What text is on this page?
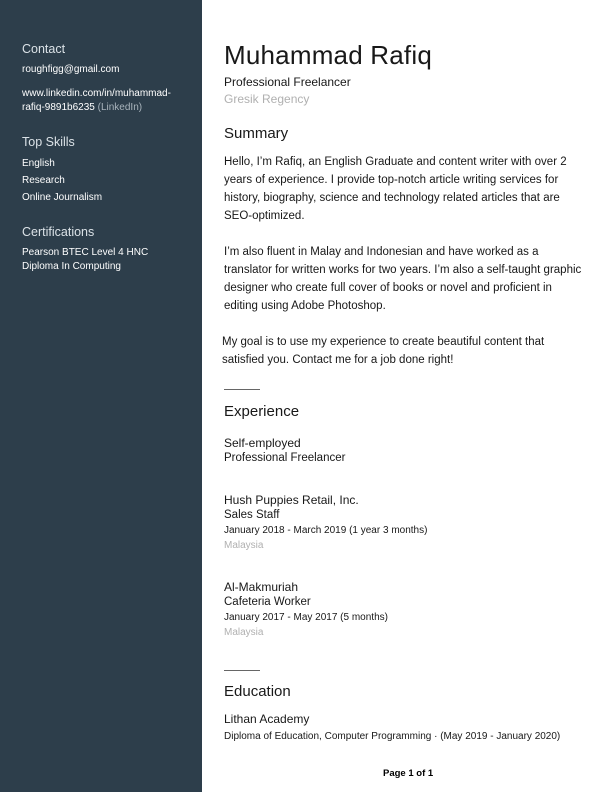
Contact
roughfigg@gmail.com
www.linkedin.com/in/muhammad-
rafiq-9891b6235 (LinkedIn)
Top Skills
English
Research
Online Journalism
Certifications
Pearson BTEC Level 4 HNC
Diploma In Computing
Muhammad Rafiq
Professional Freelancer
Gresik Regency
Summary
Hello, I’m Rafiq, an English Graduate and content writer with over 2 years of experience. I provide top-notch article writing services for history, biography, science and technology related articles that are SEO-optimized.
I’m also fluent in Malay and Indonesian and have worked as a translator for written works for two years. I’m also a self-taught graphic designer who create full cover of books or novel and proficient in editing using Adobe Photoshop.
My goal is to use my experience to create beautiful content that satisfied you. Contact me for a job done right!
Experience
Self-employed
Professional Freelancer
Hush Puppies Retail, Inc.
Sales Staff
January 2018 - March 2019 (1 year 3 months)
Malaysia
Al-Makmuriah
Cafeteria Worker
January 2017 - May 2017 (5 months)
Malaysia
Education
Lithan Academy
Diploma of Education, Computer Programming · (May 2019 - January 2020)
Page 1 of 1
